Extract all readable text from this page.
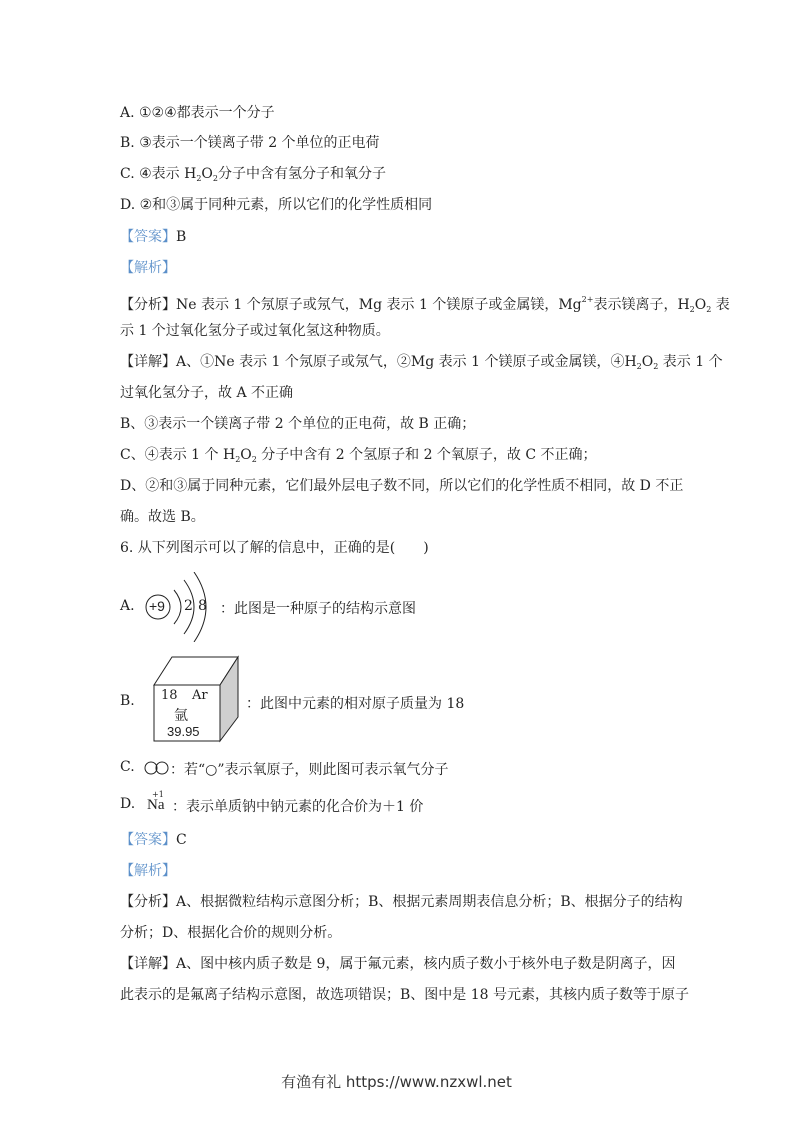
A. ①②④都表示一个分子
B. ③表示一个镁离子带 2 个单位的正电荷
C. ④表示 $H_2O_2$分子中含有氢分子和氧分子
D. ②和③属于同种元素，所以它们的化学性质相同
【答案】B
【解析】
【分析】Ne 表示 1 个氖原子或氖气，Mg 表示 1 个镁原子或金属镁，$Mg^{2+}$表示镁离子，$H_2O_2$ 表
示 1 个过氧化氢分子或过氧化氢这种物质。
【详解】A、①Ne 表示 1 个氖原子或氖气，②Mg 表示 1 个镁原子或金属镁，$④H_2O_2$ 表示 1 个
过氧化氢分子，故 A 不正确
B、③表示一个镁离子带 2 个单位的正电荷，故 B 正确；
C、④表示 1 个 $H_2O_2$ 分子中含有 2 个氢原子和 2 个氧原子，故 C 不正确；
D、②和③属于同种元素，它们最外层电子数不同，所以它们的化学性质不相同，故 D 不正
确。故选 B。
6. 从下列图示可以了解的信息中，正确的是(　　)
【答案】C
【解析】
【分析】A、根据微粒结构示意图分析；B、根据元素周期表信息分析；B、根据分子的结构
分析；D、根据化合价的规则分析。
【详解】A、图中核内质子数是 9，属于氟元素，核内质子数小于核外电子数是阴离子，因
此表示的是氟离子结构示意图，故选项错误；B、图中是 18 号元素，其核内质子数等于原子
A. +9 2 8 ：此图是一种原子的结构示意图
B. 18 Ar
氩
39.95
：此图中元素的相对原子质量为 18
C.	：若“○”表示氧原子，则此图可表示氧气分子
D.
+1
Na ：表示单质钠中钠元素的化合价为＋1 价
有渔有礼 https://www.nzxwl.net
